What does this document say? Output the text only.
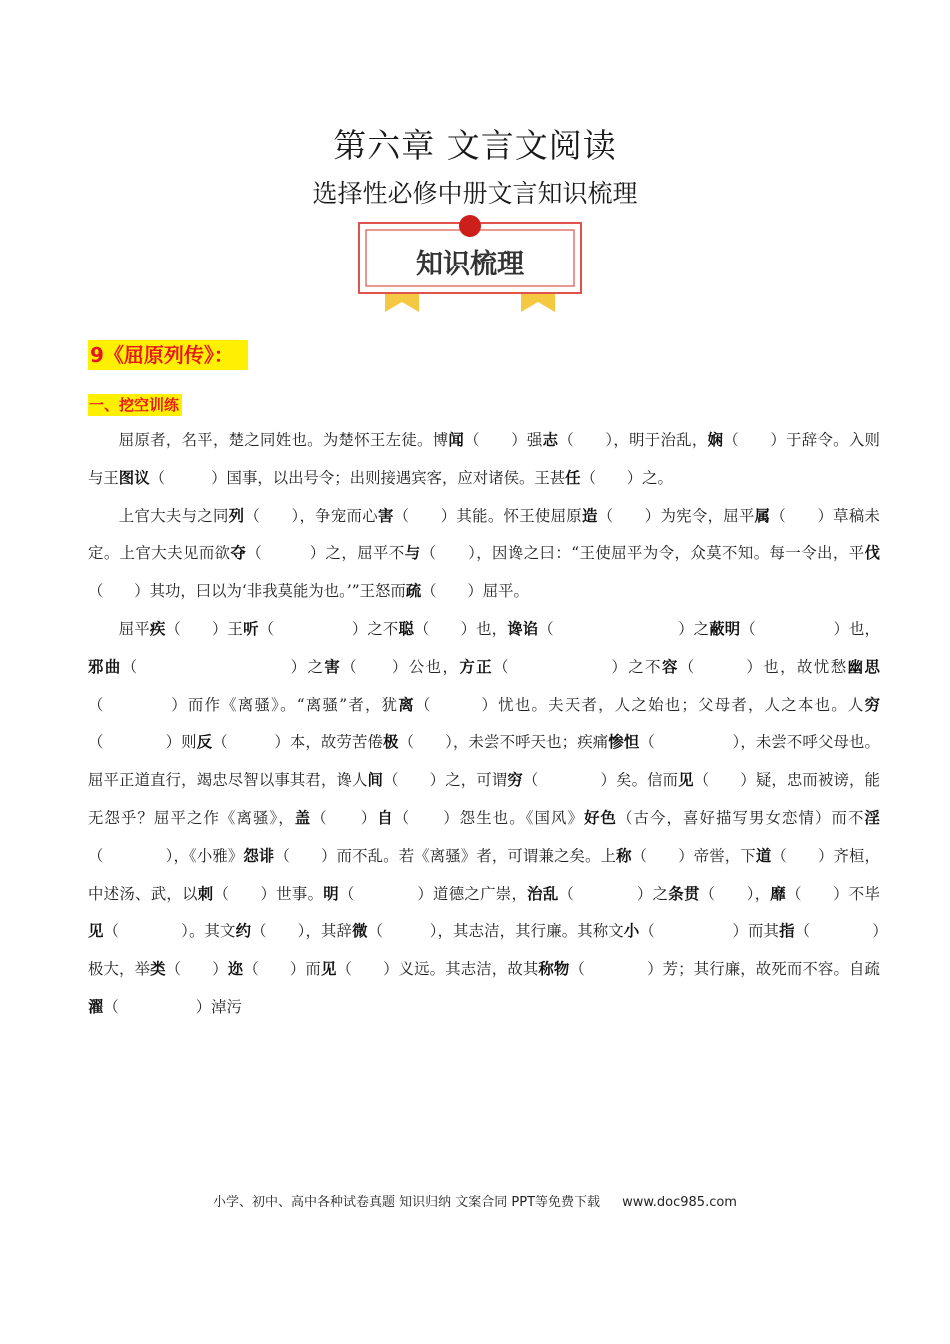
第六章 文言文阅读
选择性必修中册文言知识梳理
知识梳理
9《屈原列传》：
一、挖空训练

屈原者，名平，楚之同姓也。为楚怀王左徒。博闻（　　）强志（　　），明于治乱，娴（　　）于辞令。入则与王图议（　　　）国事，以出号令；出则接遇宾客，应对诸侯。王甚任（　　）之。

上官大夫与之同列（　　），争宠而心害（　　）其能。怀王使屈原造（　　）为宪令，屈平属（　　）草稿未定。上官大夫见而欲夺（　　　）之，屈平不与（　　），因谗之曰：“王使屈平为令，众莫不知。每一令出，平伐（　　）其功，曰以为‘非我莫能为也。’”王怒而疏（　　）屈平。

屈平疾（　　）王听（　　　　　）之不聪（　　）也，谗谄（　　　　　　　　）之蔽明（　　　　　）也，邪曲（　　　　　　　　　）之害（　　）公也，方正（　　　　　　）之不容（　　　）也，故忧愁幽思（　　　　）而作《离骚》。“离骚”者，犹离（　　　）忧也。夫天者，人之始也；父母者，人之本也。人穷（　　　　）则反（　　　）本，故劳苦倦极（　　），未尝不呼天也；疾痛惨怛（　　　　　），未尝不呼父母也。屈平正道直行，竭忠尽智以事其君，谗人间（　　）之，可谓穷（　　　　）矣。信而见（　　）疑，忠而被谤，能无怨乎？屈平之作《离骚》，盖（　　）自（　　）怨生也。《国风》好色（古今，喜好描写男女恋情）而不淫（　　　　），《小雅》怨诽（　　）而不乱。若《离骚》者，可谓兼之矣。上称（　　）帝喾，下道（　　）齐桓，中述汤、武，以刺（　　）世事。明（　　　　）道德之广崇，治乱（　　　　）之条贯（　　），靡（　　）不毕见（　　　　）。其文约（　　），其辞微（　　　），其志洁，其行廉。其称文小（　　　　　）而其指（　　　　）极大，举类（　　）迩（　　）而见（　　）义远。其志洁，故其称物（　　　　）芳；其行廉，故死而不容。自疏濯（　　　　　）淖污

小学、初中、高中各种试卷真题 知识归纳 文案合同 PPT等免费下载 www.doc985.com
